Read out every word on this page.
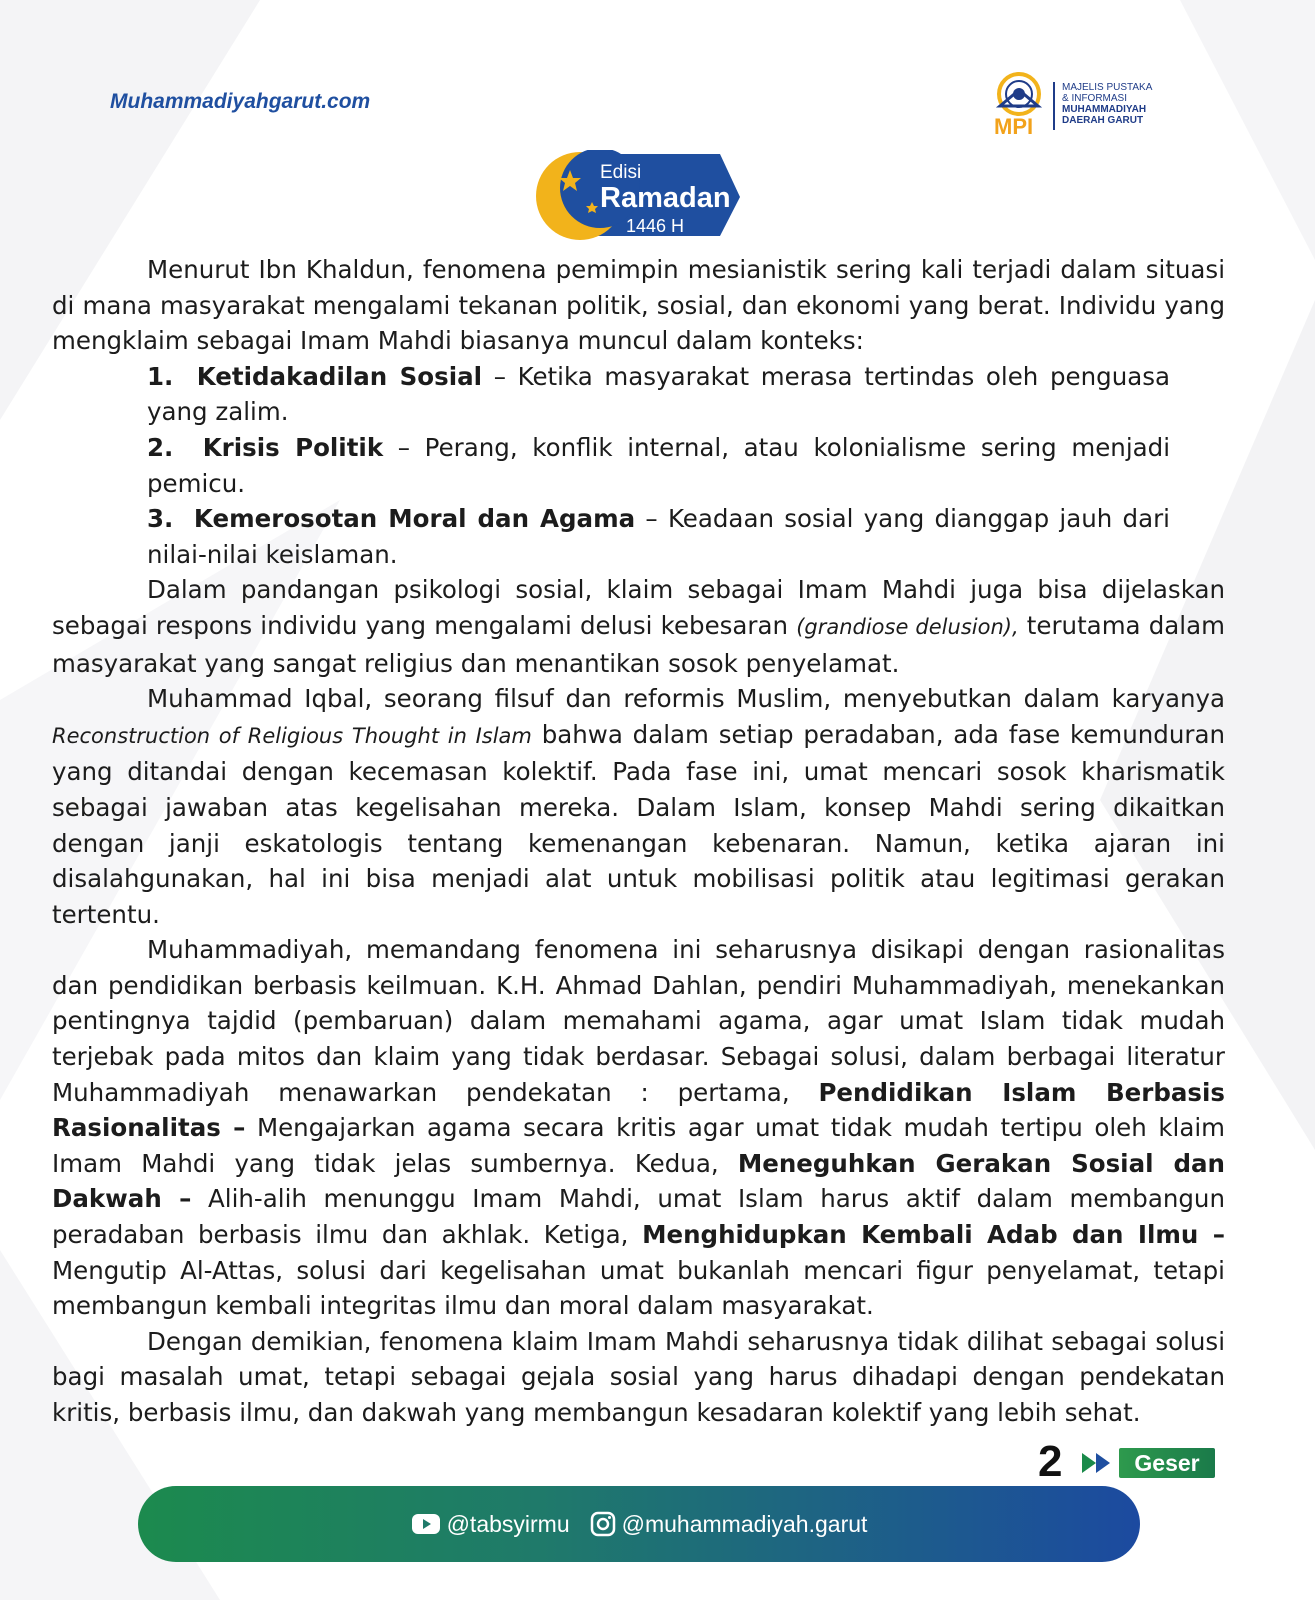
Muhammadiyahgarut.com
MPI
MAJELIS PUSTAKA
& INFORMASI
MUHAMMADIYAH
DAERAH GARUT
Edisi
Ramadan
1446 H

Menurut Ibn Khaldun, fenomena pemimpin mesianistik sering kali terjadi dalam situasi di mana masyarakat mengalami tekanan politik, sosial, dan ekonomi yang berat. Individu yang mengklaim sebagai Imam Mahdi biasanya muncul dalam konteks:

1. Ketidakadilan Sosial – Ketika masyarakat merasa tertindas oleh penguasa yang zalim.
2. Krisis Politik – Perang, konflik internal, atau kolonialisme sering menjadi pemicu.
3. Kemerosotan Moral dan Agama – Keadaan sosial yang dianggap jauh dari nilai-nilai keislaman.

Dalam pandangan psikologi sosial, klaim sebagai Imam Mahdi juga bisa dijelaskan sebagai respons individu yang mengalami delusi kebesaran (grandiose delusion), terutama dalam masyarakat yang sangat religius dan menantikan sosok penyelamat.

Muhammad Iqbal, seorang filsuf dan reformis Muslim, menyebutkan dalam karyanya Reconstruction of Religious Thought in Islam bahwa dalam setiap peradaban, ada fase kemunduran yang ditandai dengan kecemasan kolektif. Pada fase ini, umat mencari sosok kharismatik sebagai jawaban atas kegelisahan mereka. Dalam Islam, konsep Mahdi sering dikaitkan dengan janji eskatologis tentang kemenangan kebenaran. Namun, ketika ajaran ini disalahgunakan, hal ini bisa menjadi alat untuk mobilisasi politik atau legitimasi gerakan tertentu.

Muhammadiyah, memandang fenomena ini seharusnya disikapi dengan rasionalitas dan pendidikan berbasis keilmuan. K.H. Ahmad Dahlan, pendiri Muhammadiyah, menekankan pentingnya tajdid (pembaruan) dalam memahami agama, agar umat Islam tidak mudah terjebak pada mitos dan klaim yang tidak berdasar. Sebagai solusi, dalam berbagai literatur Muhammadiyah menawarkan pendekatan : pertama, Pendidikan Islam Berbasis Rasionalitas – Mengajarkan agama secara kritis agar umat tidak mudah tertipu oleh klaim Imam Mahdi yang tidak jelas sumbernya. Kedua, Meneguhkan Gerakan Sosial dan Dakwah – Alih-alih menunggu Imam Mahdi, umat Islam harus aktif dalam membangun peradaban berbasis ilmu dan akhlak. Ketiga, Menghidupkan Kembali Adab dan Ilmu – Mengutip Al-Attas, solusi dari kegelisahan umat bukanlah mencari figur penyelamat, tetapi membangun kembali integritas ilmu dan moral dalam masyarakat.

Dengan demikian, fenomena klaim Imam Mahdi seharusnya tidak dilihat sebagai solusi bagi masalah umat, tetapi sebagai gejala sosial yang harus dihadapi dengan pendekatan kritis, berbasis ilmu, dan dakwah yang membangun kesadaran kolektif yang lebih sehat.

2	Geser
@tabsyirmu @muhammadiyah.garut
